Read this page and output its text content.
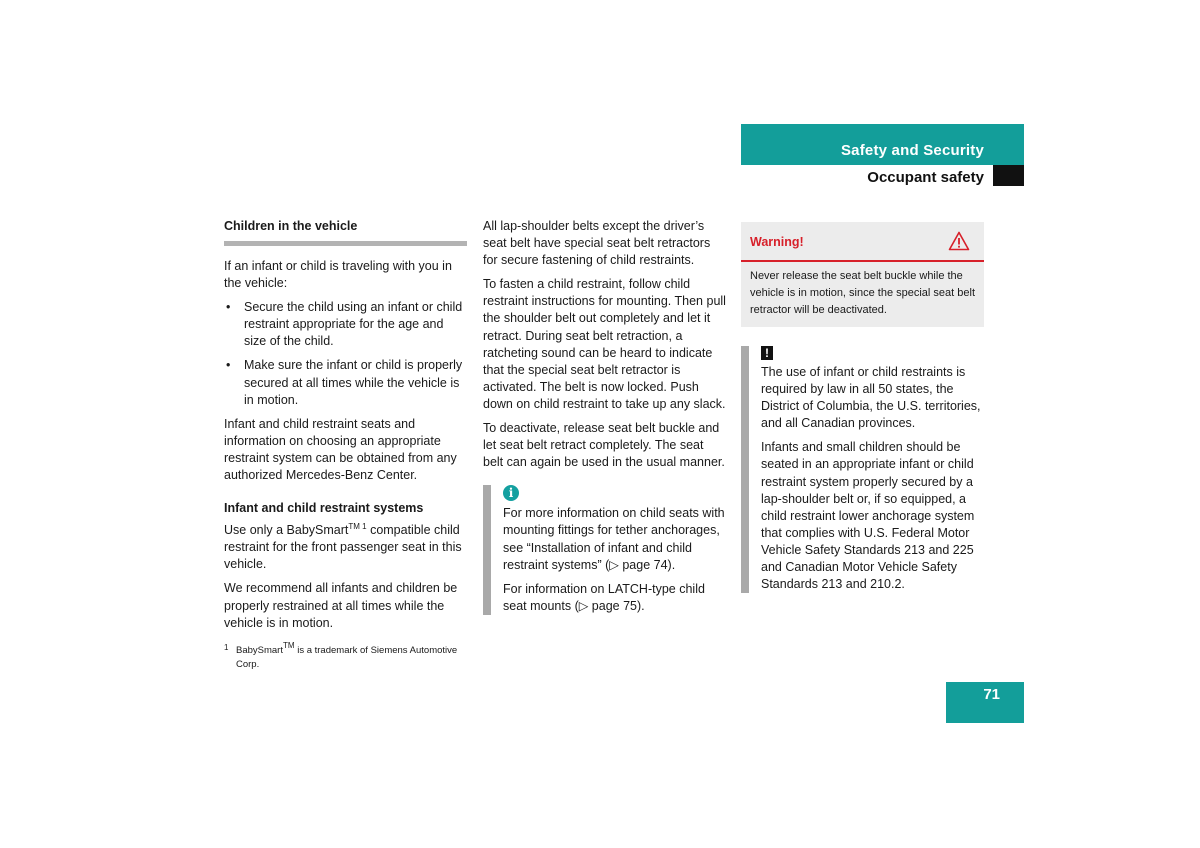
Safety and Security
Occupant safety
Children in the vehicle

If an infant or child is traveling with you in the vehicle:

• Secure the child using an infant or child restraint appropriate for the age and size of the child.
• Make sure the infant or child is properly secured at all times while the vehicle is in motion.

Infant and child restraint seats and information on choosing an appropriate restraint system can be obtained from any authorized Mercedes-Benz Center.

Infant and child restraint systems

Use only a BabySmart$^{TM 1}$ compatible child restraint for the front passenger seat in this vehicle.

We recommend all infants and children be properly restrained at all times while the vehicle is in motion.

1 BabySmart™ is a trademark of Siemens Automotive Corp.

All lap-shoulder belts except the driver’s seat belt have special seat belt retractors for secure fastening of child restraints.

To fasten a child restraint, follow child restraint instructions for mounting. Then pull the shoulder belt out completely and let it retract. During seat belt retraction, a ratcheting sound can be heard to indicate that the special seat belt retractor is activated. The belt is now locked. Push down on child restraint to take up any slack.

To deactivate, release seat belt buckle and let seat belt retract completely. The seat belt can again be used in the usual manner.

i

For more information on child seats with mounting fittings for tether anchorages, see “Installation of infant and child restraint systems” (▷ page 74).

For information on LATCH-type child seat mounts (▷ page 75).

Warning!
Never release the seat belt buckle while the vehicle is in motion, since the special seat belt retractor will be deactivated.
!

The use of infant or child restraints is required by law in all 50 states, the District of Columbia, the U.S. territories, and all Canadian provinces.

Infants and small children should be seated in an appropriate infant or child restraint system properly secured by a lap-shoulder belt or, if so equipped, a child restraint lower anchorage system that complies with U.S. Federal Motor Vehicle Safety Standards 213 and 225 and Canadian Motor Vehicle Safety Standards 213 and 210.2.

71
